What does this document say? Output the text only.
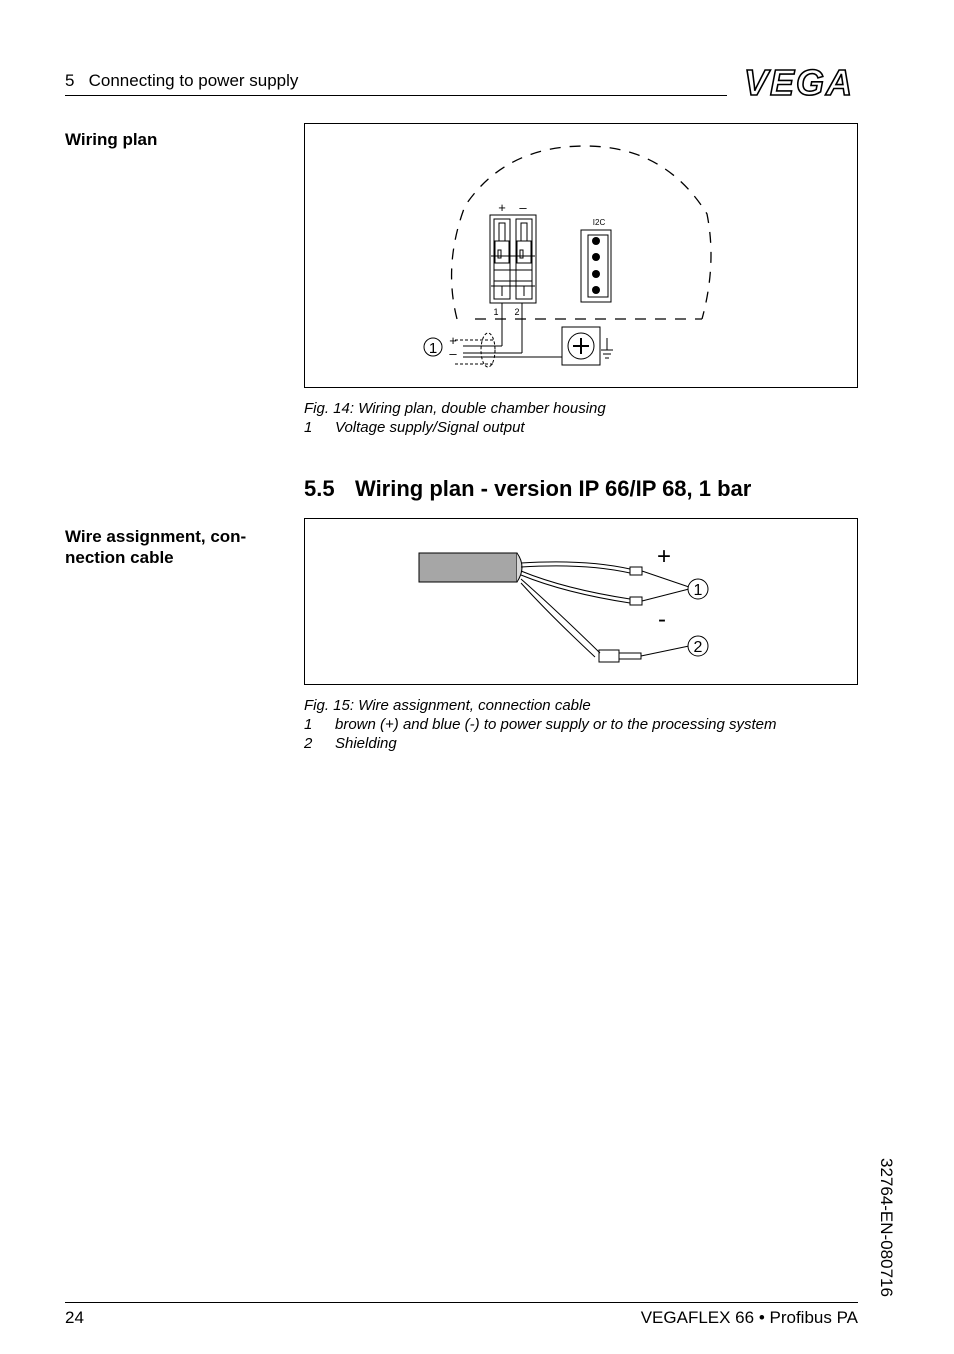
5   Connecting to power supply	VEGA
Wiring plan
+ –
1 2
I2C
+
–
1
Fig. 14: Wiring plan, double chamber housing
1 Voltage supply/Signal output
5.5 Wiring plan - version IP 66/IP 68, 1 bar
Wire assignment, con-
nection cable	+
-
1
2
Fig. 15: Wire assignment, connection cable
1 brown (+) and blue (-) to power supply or to the processing system
2 Shielding
32764-EN-080716
24	VEGAFLEX 66 • Profibus PA
